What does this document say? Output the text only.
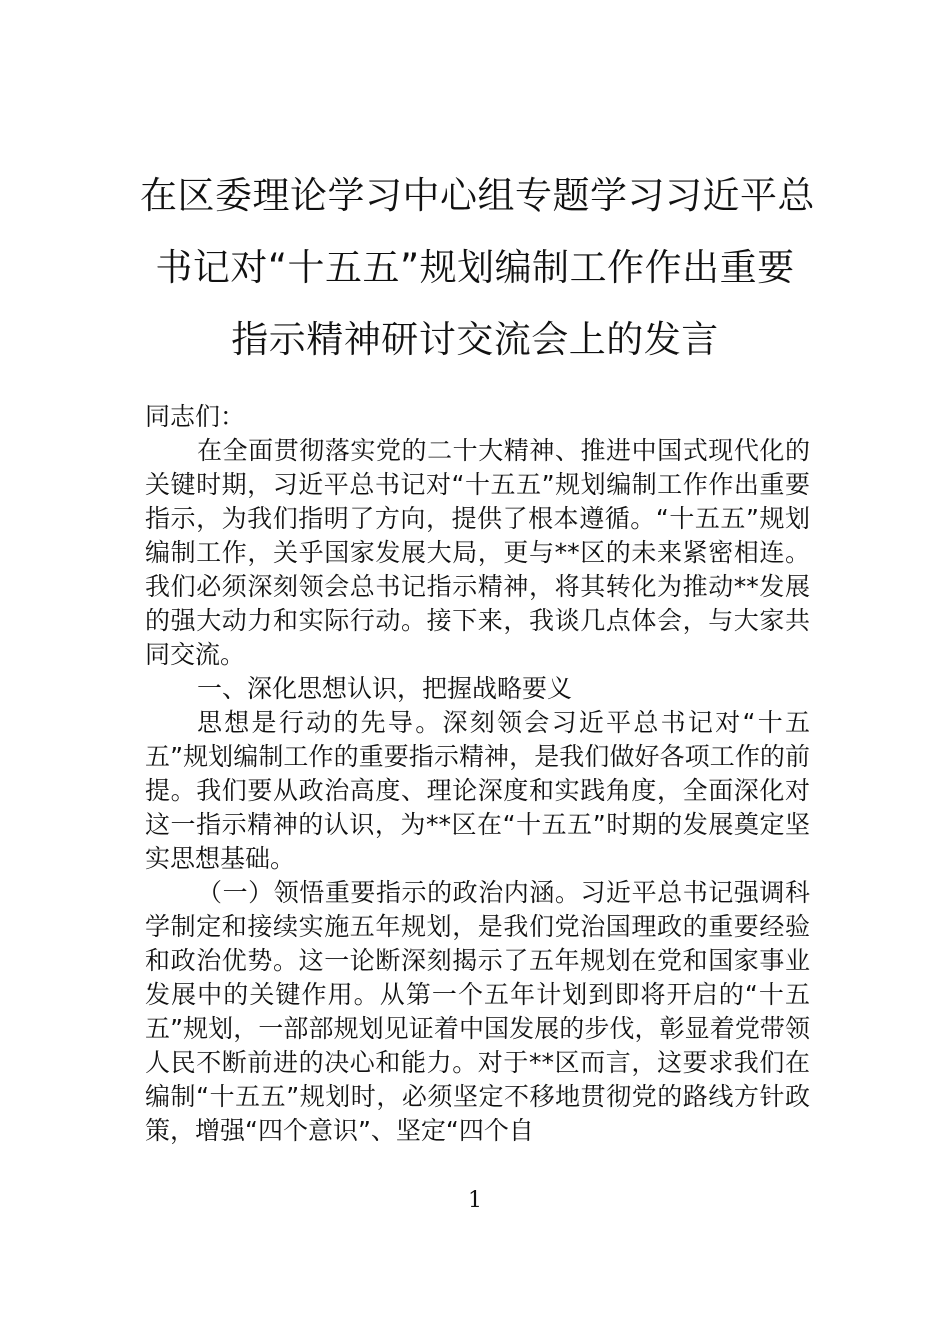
在区委理论学习中心组专题学习习近平总
书记对“十五五”规划编制工作作出重要
指示精神研讨交流会上的发言

同志们：

在全面贯彻落实党的二十大精神、推进中国式现代化的关键时期，习近平总书记对“十五五”规划编制工作作出重要指示，为我们指明了方向，提供了根本遵循。“十五五”规划编制工作，关乎国家发展大局，更与**区的未来紧密相连。我们必须深刻领会总书记指示精神，将其转化为推动**发展的强大动力和实际行动。接下来，我谈几点体会，与大家共同交流。

一、深化思想认识，把握战略要义

思想是行动的先导。深刻领会习近平总书记对“十五五”规划编制工作的重要指示精神，是我们做好各项工作的前提。我们要从政治高度、理论深度和实践角度，全面深化对这一指示精神的认识，为**区在“十五五”时期的发展奠定坚实思想基础。

（一）领悟重要指示的政治内涵。习近平总书记强调科学制定和接续实施五年规划，是我们党治国理政的重要经验和政治优势。这一论断深刻揭示了五年规划在党和国家事业发展中的关键作用。从第一个五年计划到即将开启的“十五五”规划，一部部规划见证着中国发展的步伐，彰显着党带领人民不断前进的决心和能力。对于**区而言，这要求我们在编制“十五五”规划时，必须坚定不移地贯彻党的路线方针政策，增强“四个意识”、坚定“四个自

1
